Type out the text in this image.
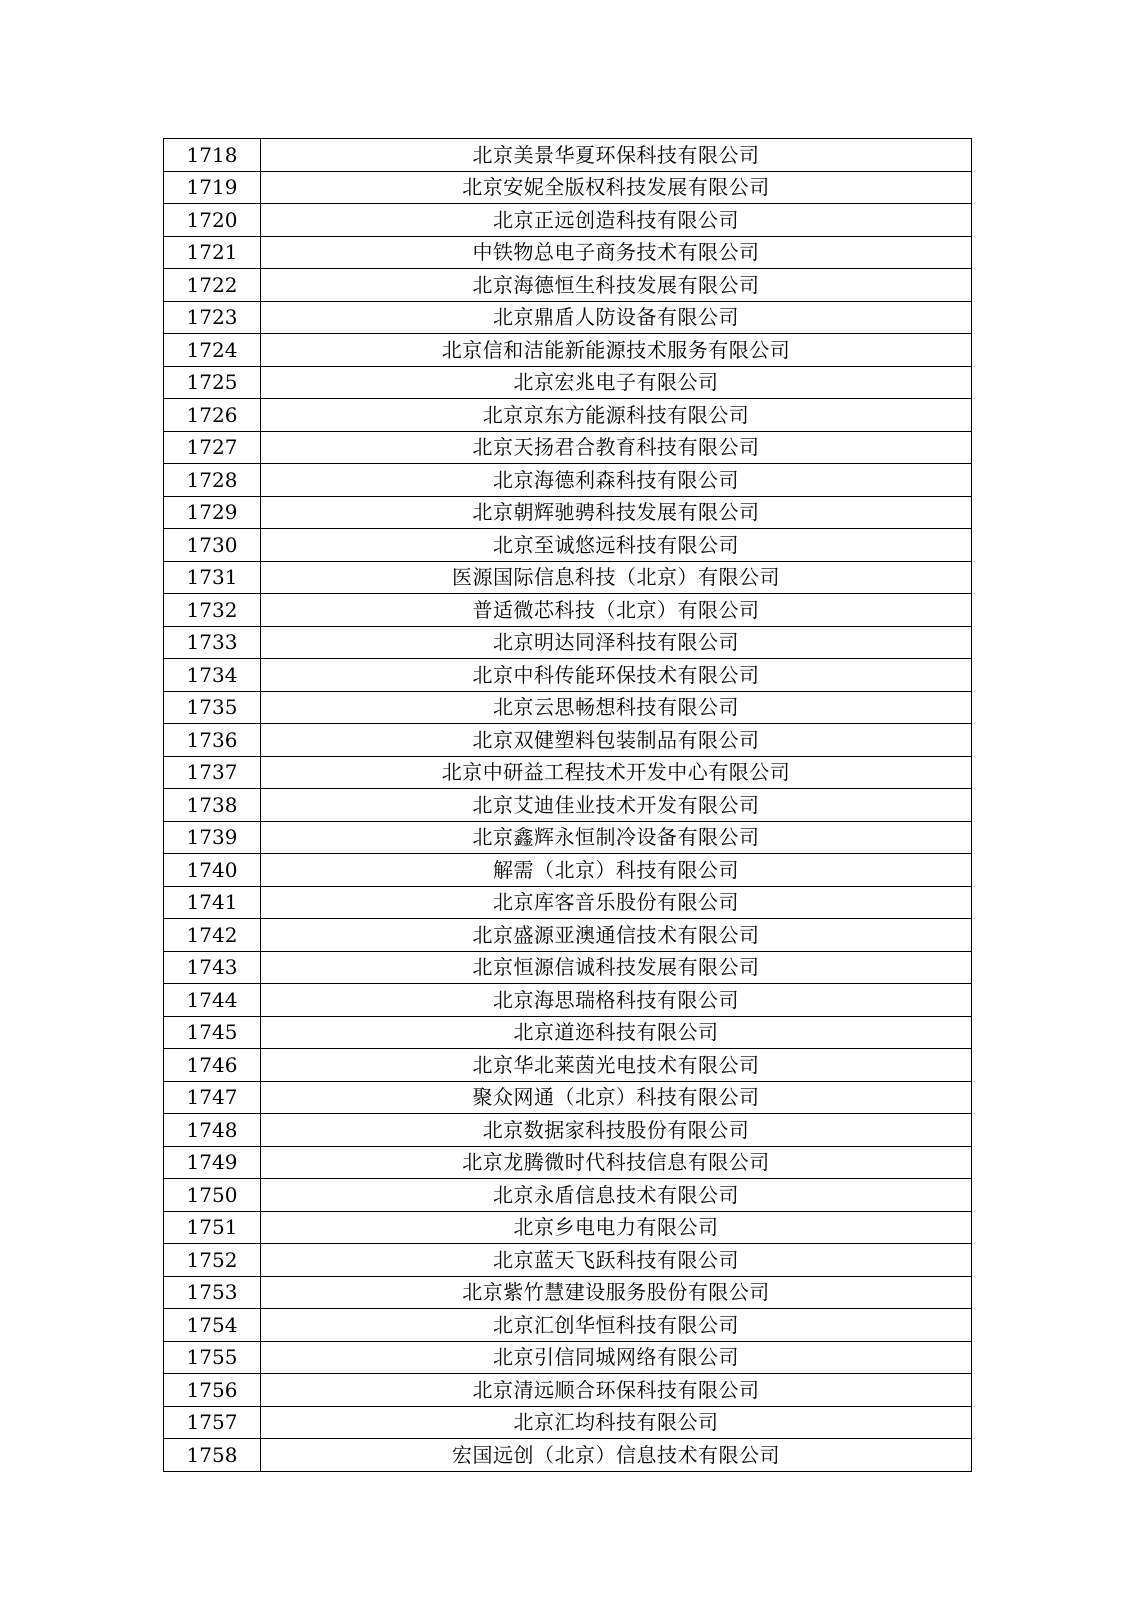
1718	北京美景华夏环保科技有限公司
1719	北京安妮全版权科技发展有限公司
1720	北京正远创造科技有限公司
1721	中铁物总电子商务技术有限公司
1722	北京海德恒生科技发展有限公司
1723	北京鼎盾人防设备有限公司
1724	北京信和洁能新能源技术服务有限公司
1725	北京宏兆电子有限公司
1726	北京京东方能源科技有限公司
1727	北京天扬君合教育科技有限公司
1728	北京海德利森科技有限公司
1729	北京朝辉驰骋科技发展有限公司
1730	北京至诚悠远科技有限公司
1731	医源国际信息科技（北京）有限公司
1732	普适微芯科技（北京）有限公司
1733	北京明达同泽科技有限公司
1734	北京中科传能环保技术有限公司
1735	北京云思畅想科技有限公司
1736	北京双健塑料包装制品有限公司
1737	北京中研益工程技术开发中心有限公司
1738	北京艾迪佳业技术开发有限公司
1739	北京鑫辉永恒制冷设备有限公司
1740	解需（北京）科技有限公司
1741	北京库客音乐股份有限公司
1742	北京盛源亚澳通信技术有限公司
1743	北京恒源信诚科技发展有限公司
1744	北京海思瑞格科技有限公司
1745	北京道迩科技有限公司
1746	北京华北莱茵光电技术有限公司
1747	聚众网通（北京）科技有限公司
1748	北京数据家科技股份有限公司
1749	北京龙腾微时代科技信息有限公司
1750	北京永盾信息技术有限公司
1751	北京乡电电力有限公司
1752	北京蓝天飞跃科技有限公司
1753	北京紫竹慧建设服务股份有限公司
1754	北京汇创华恒科技有限公司
1755	北京引信同城网络有限公司
1756	北京清远顺合环保科技有限公司
1757	北京汇均科技有限公司
1758	宏国远创（北京）信息技术有限公司
